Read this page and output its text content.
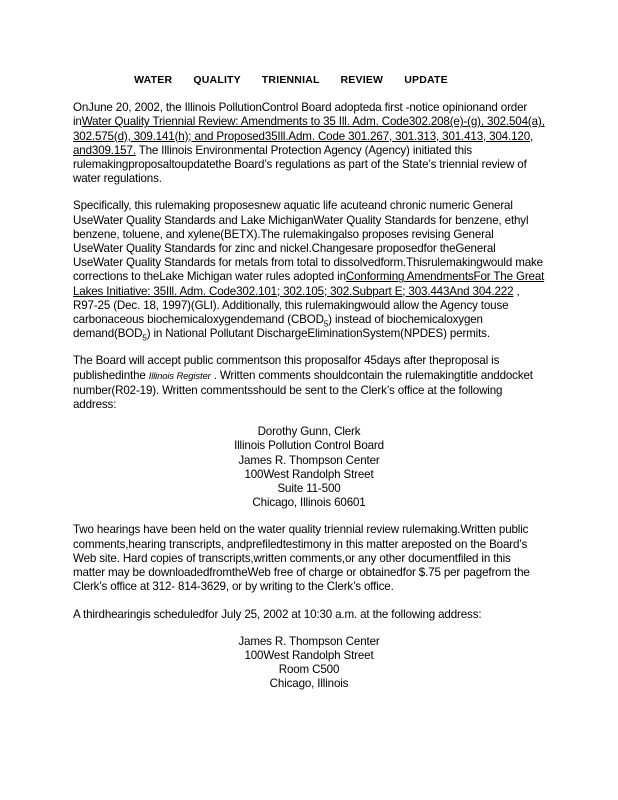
WATER QUALITY TRIENNIAL REVIEW UPDATE

OnJune 20, 2002, the Illinois PollutionControl Board adopteda first -notice opinionand order inWater Quality Triennial Review: Amendments to 35 Ill. Adm. Code302.208(e)-(g), 302.504(a), 302.575(d), 309.141(h); and Proposed35Ill.Adm. Code 301.267, 301.313, 301.413, 304.120, and309.157. The Illinois Environmental Protection Agency (Agency) initiated this rulemakingproposaltoupdatethe Board’s regulations as part of the State’s triennial review of water regulations.

Specifically, this rulemaking proposesnew aquatic life acuteand chronic numeric General UseWater Quality Standards and Lake MichiganWater Quality Standards for benzene, ethyl benzene, toluene, and xylene(BETX).The rulemakingalso proposes revising General UseWater Quality Standards for zinc and nickel.Changesare proposedfor theGeneral UseWater Quality Standards for metals from total to dissolvedform.Thisrulemakingwould make corrections to theLake Michigan water rules adopted inConforming AmendmentsFor The Great Lakes Initiative: 35Ill. Adm. Code302.101; 302.105; 302.Subpart E; 303.443And 304.222 , R97-25 (Dec. 18, 1997)(GLI). Additionally, this rulemakingwould allow the Agency touse carbonaceous biochemicaloxygendemand $(CBOD_5)$ instead of biochemicaloxygen $demand(BOD_5)$ in National Pollutant DischargeEliminationSystem(NPDES) permits.

The Board will accept public commentson this proposalfor 45days after theproposal is publishedinthe Illinois Register . Written comments shouldcontain the rulemakingtitle anddocket number(R02-19). Written commentsshould be sent to the Clerk’s office at the following address:

Dorothy Gunn, Clerk
Illinois Pollution Control Board
James R. Thompson Center
100West Randolph Street
Suite 11-500
Chicago, Illinois 60601

Two hearings have been held on the water quality triennial review rulemaking.Written public comments,hearing transcripts, andprefiledtestimony in this matter areposted on the Board’s Web site. Hard copies of transcripts,written comments,or any other documentfiled in this matter may be downloadedfromtheWeb free of charge or obtainedfor $.75 per pagefrom the Clerk’s office at 312- 814-3629, or by writing to the Clerk’s office.

A thirdhearingis scheduledfor July 25, 2002 at 10:30 a.m. at the following address:

James R. Thompson Center
100West Randolph Street
Room C500
Chicago, Illinois
